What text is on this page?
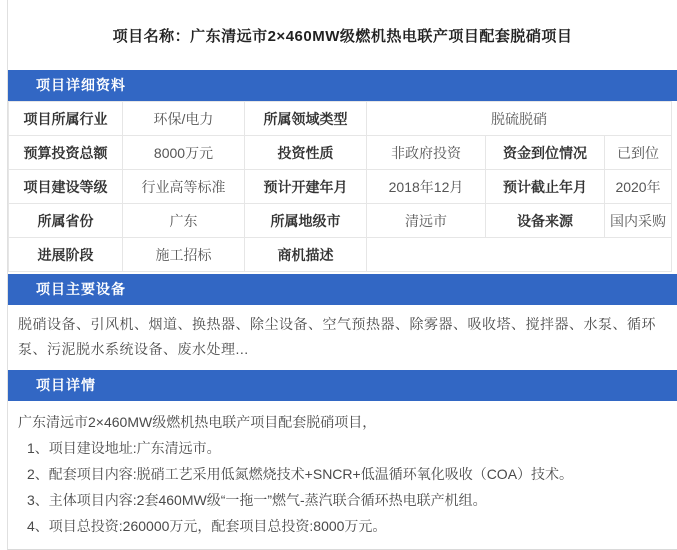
项目名称：广东清远市2×460MW级燃机热电联产项目配套脱硝项目
项目详细资料
项目所属行业	环保/电力	所属领域类型	脱硫脱硝		
预算投资总额	8000万元	投资性质	非政府投资	资金到位情况	已到位
项目建设等级	行业高等标准	预计开建年月	2018年12月	预计截止年月	2020年
所属省份	广东	所属地级市	清远市	设备来源	国内采购
进展阶段	施工招标	商机描述			
项目主要设备
脱硝设备、引风机、烟道、换热器、除尘设备、空气预热器、除雾器、吸收塔、搅拌器、水泵、循环泵、污泥脱水系统设备、废水处理...
项目详情

广东清远市2×460MW级燃机热电联产项目配套脱硝项目，

1、项目建设地址:广东清远市。

2、配套项目内容:脱硝工艺采用低氮燃烧技术+SNCR+低温循环氧化吸收（COA）技术。

3、主体项目内容:2套460MW级“一拖一”燃气-蒸汽联合循环热电联产机组。

4、项目总投资:260000万元，配套项目总投资:8000万元。
